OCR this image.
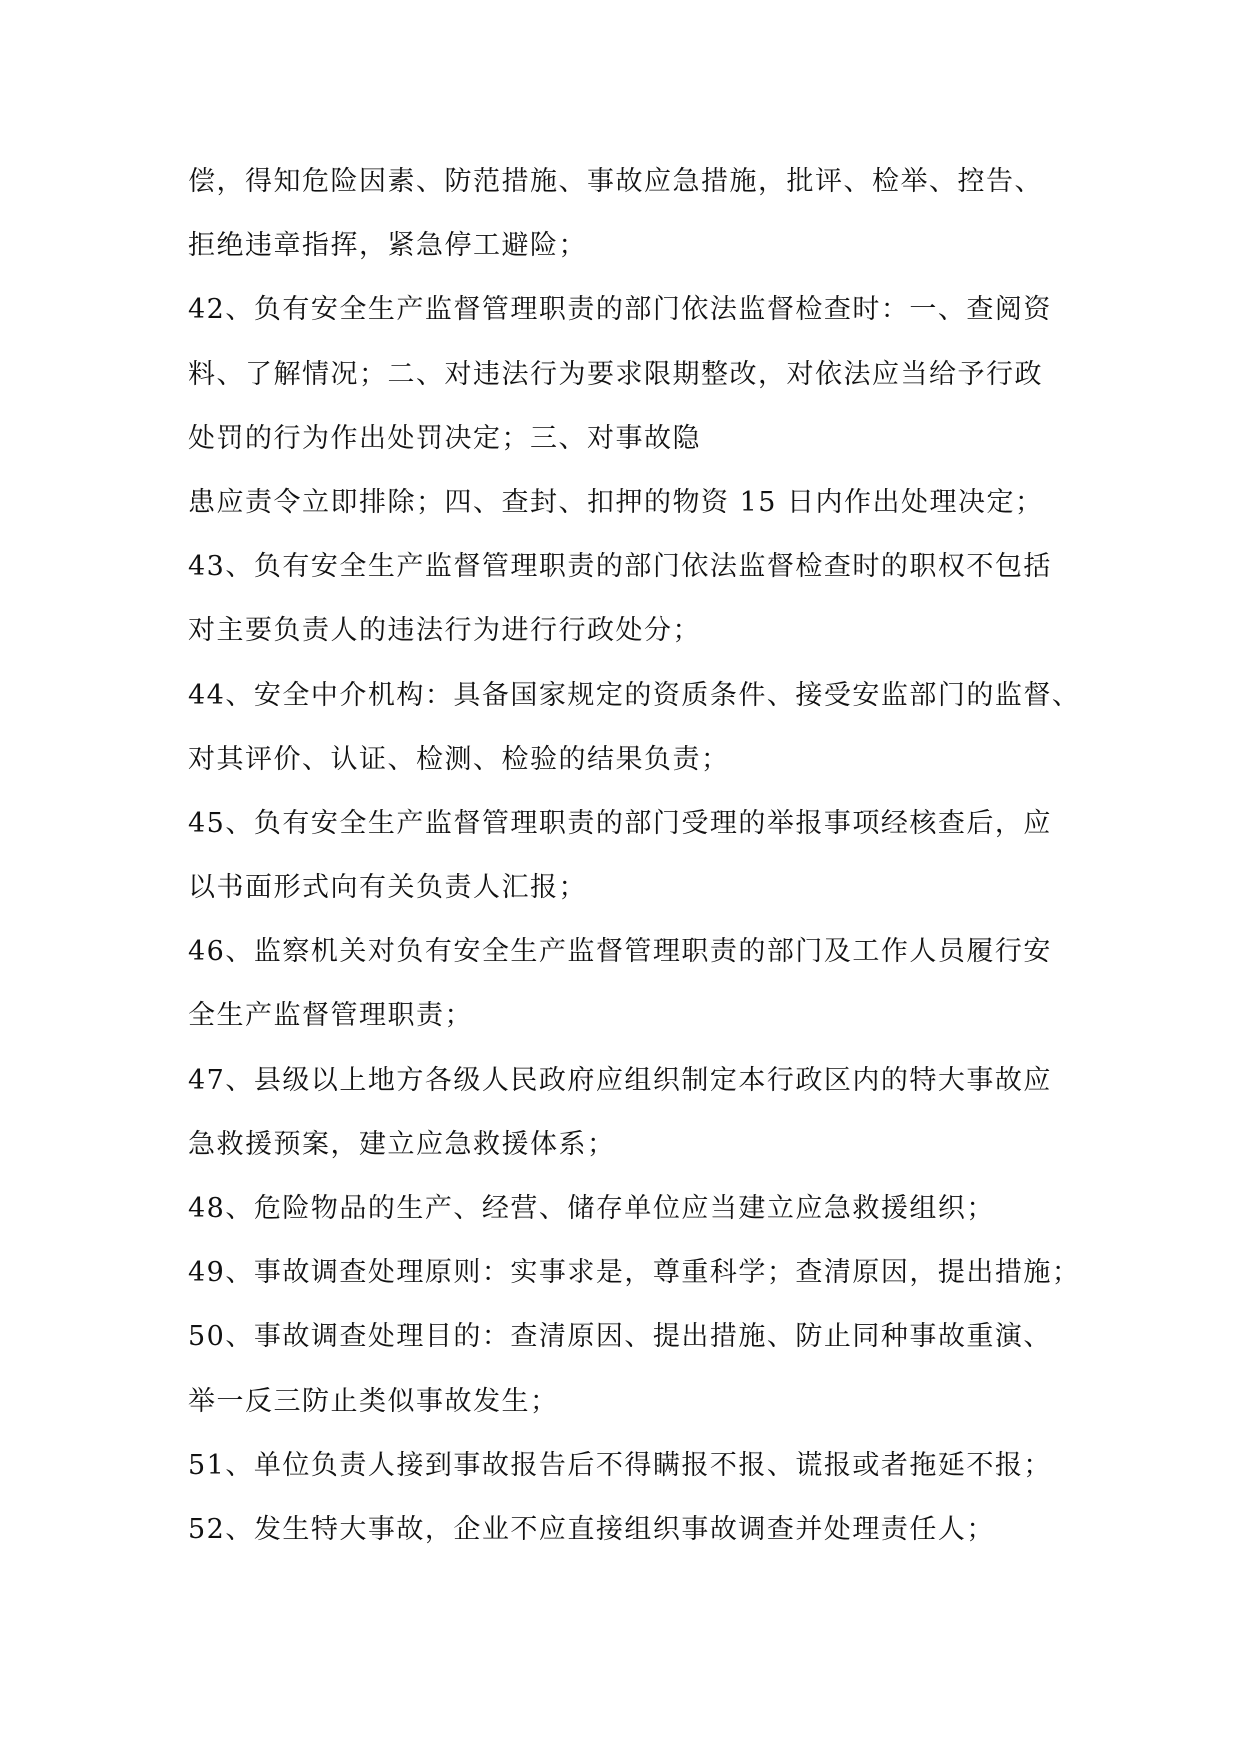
偿，得知危险因素、防范措施、事故应急措施，批评、检举、控告、
拒绝违章指挥，紧急停工避险；
42、负有安全生产监督管理职责的部门依法监督检查时：一、查阅资
料、了解情况；二、对违法行为要求限期整改，对依法应当给予行政
处罚的行为作出处罚决定；三、对事故隐
患应责令立即排除；四、查封、扣押的物资 15 日内作出处理决定；
43、负有安全生产监督管理职责的部门依法监督检查时的职权不包括
对主要负责人的违法行为进行行政处分；
44、安全中介机构：具备国家规定的资质条件、接受安监部门的监督、
对其评价、认证、检测、检验的结果负责；
45、负有安全生产监督管理职责的部门受理的举报事项经核查后，应
以书面形式向有关负责人汇报；
46、监察机关对负有安全生产监督管理职责的部门及工作人员履行安
全生产监督管理职责；
47、县级以上地方各级人民政府应组织制定本行政区内的特大事故应
急救援预案，建立应急救援体系；
48、危险物品的生产、经营、储存单位应当建立应急救援组织；
49、事故调查处理原则：实事求是，尊重科学；查清原因，提出措施；
50、事故调查处理目的：查清原因、提出措施、防止同种事故重演、
举一反三防止类似事故发生；
51、单位负责人接到事故报告后不得瞒报不报、谎报或者拖延不报；
52、发生特大事故，企业不应直接组织事故调查并处理责任人；
